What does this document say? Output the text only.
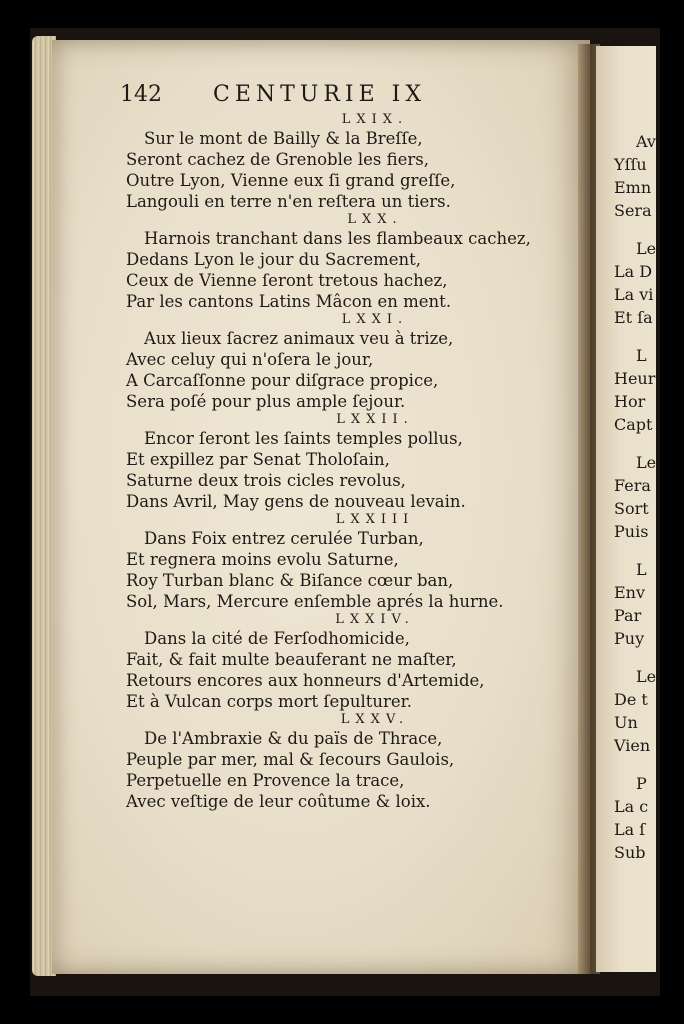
Av
Yſſu
Emn
Sera
Le
La D
La vi
Et ſa
L
Heur
Hor
Capt
Le
Fera
Sort
Puis
L
Env
Par
Puy
Le
De t
Un
Vien
P
La c
La ſ
Sub
142 CENTURIE IX
LXIX.
Sur le mont de Bailly & la Breſſe,
Seront cachez de Grenoble les fiers,
Outre Lyon, Vienne eux ſi grand greſſe,
Langouli en terre n'en reſtera un tiers.
LXX.
Harnois tranchant dans les flambeaux cachez,
Dedans Lyon le jour du Sacrement,
Ceux de Vienne ſeront tretous hachez,
Par les cantons Latins Mâcon en ment.
LXXI.
Aux lieux ſacrez animaux veu à trize,
Avec celuy qui n'oſera le jour,
A Carcaſſonne pour diſgrace propice,
Sera poſé pour plus ample ſejour.
LXXII.
Encor ſeront les ſaints temples pollus,
Et expillez par Senat Tholoſain,
Saturne deux trois cicles revolus,
Dans Avril, May gens de nouveau levain.
LXXIII
Dans Foix entrez cerulée Turban,
Et regnera moins evolu Saturne,
Roy Turban blanc & Biſance cœur ban,
Sol, Mars, Mercure enſemble aprés la hurne.
LXXIV.
Dans la cité de Ferſodhomicide,
Fait, & fait multe beauferant ne maſter,
Retours encores aux honneurs d'Artemide,
Et à Vulcan corps mort ſepulturer.
LXXV.
De l'Ambraxie & du païs de Thrace,
Peuple par mer, mal & ſecours Gaulois,
Perpetuelle en Provence la trace,
Avec veſtige de leur coûtume & loix.
